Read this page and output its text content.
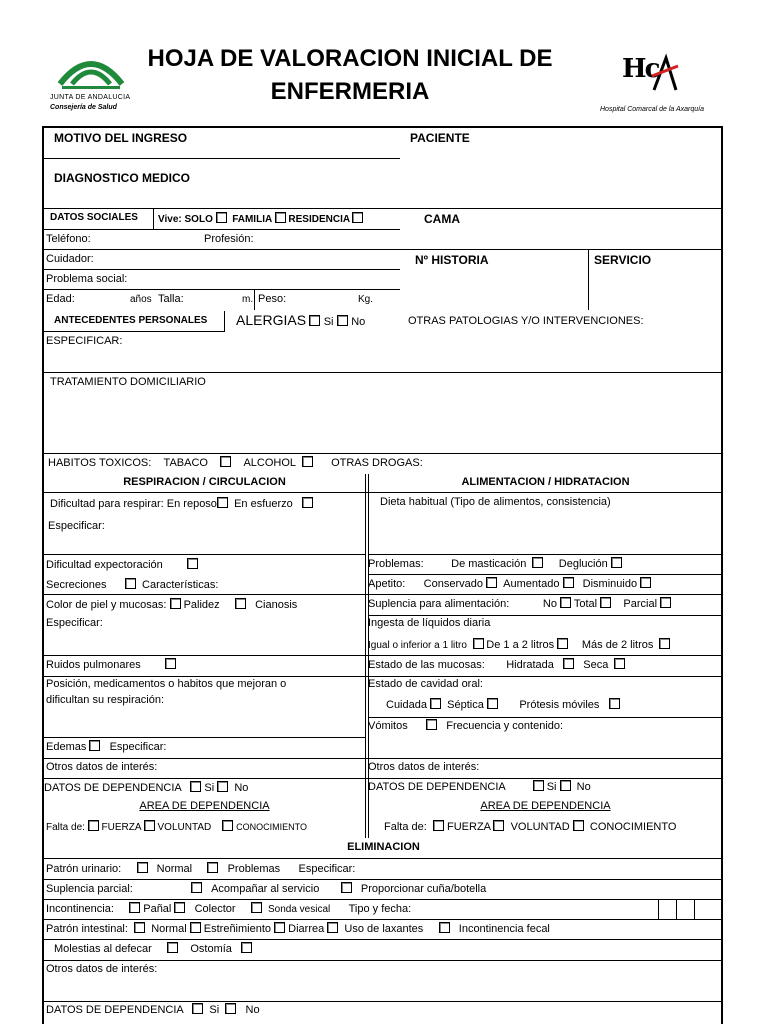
JUNTA DE ANDALUCIA
Consejería de Salud
HOJA DE VALORACION INICIAL DE
ENFERMERIA
Hc
Hospital Comarcal de la Axarquía
MOTIVO DEL INGRESO
DIAGNOSTICO MEDICO
PACIENTE
CAMA
Nº HISTORIA	SERVICIO
DATOS SOCIALES Vive: SOLO FAMILIA RESIDENCIA
Teléfono:	Profesión:
Cuidador:
Problema social:
Edad:	años Talla:	m. Peso:	Kg.
ANTECEDENTES PERSONALES ALERGIAS Si No	OTRAS PATOLOGIAS Y/O INTERVENCIONES:
ESPECIFICAR:
TRATAMIENTO DOMICILIARIO
HABITOS TOXICOS: TABACO	ALCOHOL	OTRAS DROGAS:
RESPIRACION / CIRCULACION
Dificultad para respirar: En reposo En esfuerzo
Especificar:
Dificultad expectoración
Secreciones	Características:
Color de piel y mucosas: Palidez	Cianosis
Especificar:
Ruidos pulmonares
Posición, medicamentos o habitos que mejoran o
dificultan su respiración:
Edemas Especificar:
Otros datos de interés:
DATOS DE DEPENDENCIA Si No
AREA DE DEPENDENCIA
Falta de: FUERZA VOLUNTAD	CONOCIMIENTO
ALIMENTACION / HIDRATACION
Dieta habitual (Tipo de alimentos, consistencia)
Problemas:	De masticación	Deglución
Apetito: Conservado Aumentado Disminuido
Suplencia para alimentación:	No Total Parcial
Ingesta de líquidos diaria
Igual o inferior a 1 litro De 1 a 2 litros	Más de 2 litros
Estado de las mucosas: Hidratada	Seca
Estado de cavidad oral:
Cuidada Séptica	Prótesis móviles
Vómitos	Frecuencia y contenido:
Otros datos de interés:
DATOS DE DEPENDENCIA	Si No
AREA DE DEPENDENCIA
Falta de: FUERZA VOLUNTAD CONOCIMIENTO
ELIMINACION
Patrón urinario:	Normal	Problemas Especificar:
Suplencia parcial:	Acompañar al servicio	Proporcionar cuña/botella
Incontinencia:	Pañal Colector	Sonda vesical Tipo y fecha:
Patrón intestinal: Normal Estreñimiento Diarrea Uso de laxantes	Incontinencia fecal
Molestias al defecar	Ostomía
Otros datos de interés:
DATOS DE DEPENDENCIA Si No
